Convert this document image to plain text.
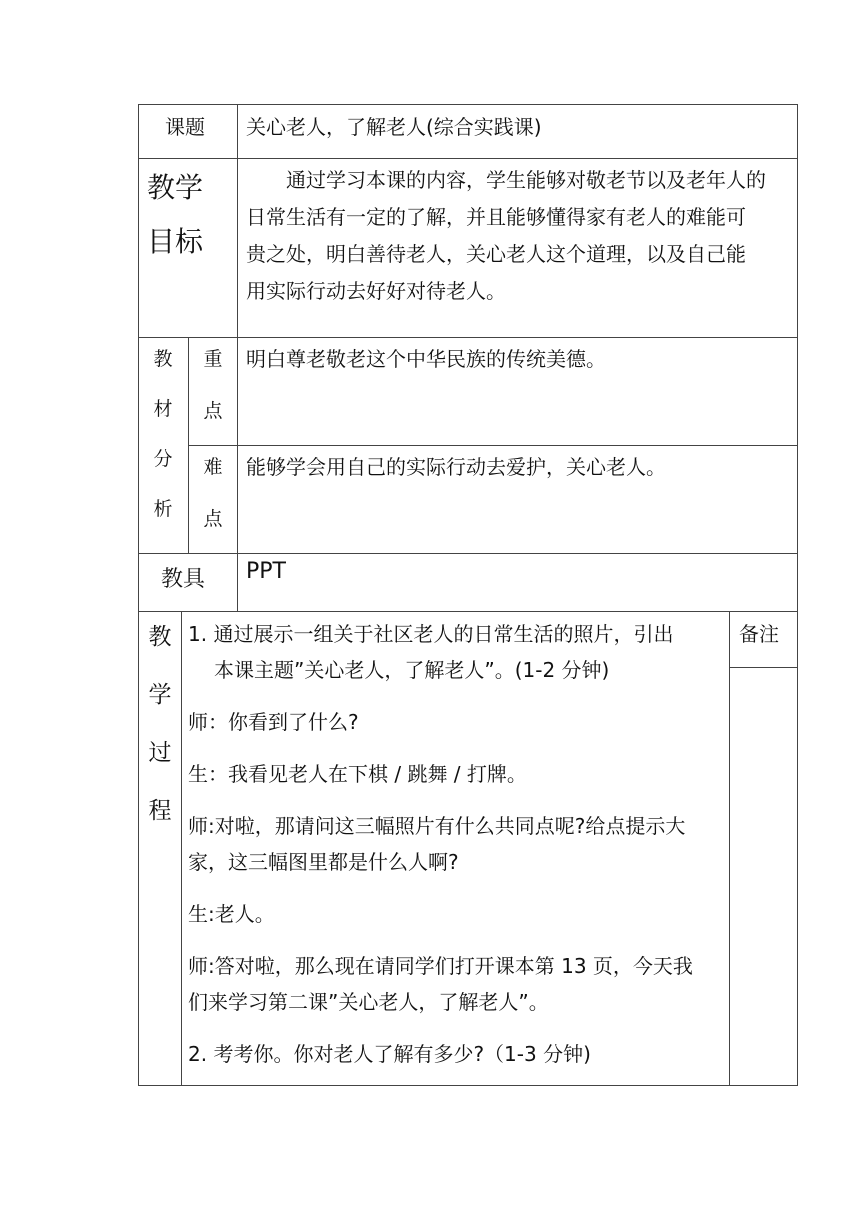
课题 关心老人，了解老人(综合实践课)
教学
目标
通过学习本课的内容，学生能够对敬老节以及老年人的
日常生活有一定的了解，并且能够懂得家有老人的难能可
贵之处，明白善待老人，关心老人这个道理，以及自己能
用实际行动去好好对待老人。
教
材
分
析
重
点
明白尊老敬老这个中华民族的传统美德。
难
点
能够学会用自己的实际行动去爱护，关心老人。
教具 PPT
教
学
过
程
备注

1. 通过展示一组关于社区老人的日常生活的照片，引出

本课主题”关心老人，了解老人”。(1-2 分钟)

师：你看到了什么?

生：我看见老人在下棋 / 跳舞 / 打牌。

师:对啦，那请问这三幅照片有什么共同点呢?给点提示大

家，这三幅图里都是什么人啊?

生:老人。

师:答对啦，那么现在请同学们打开课本第 13 页，今天我

们来学习第二课”关心老人，了解老人”。

2. 考考你。你对老人了解有多少?（1-3 分钟)
